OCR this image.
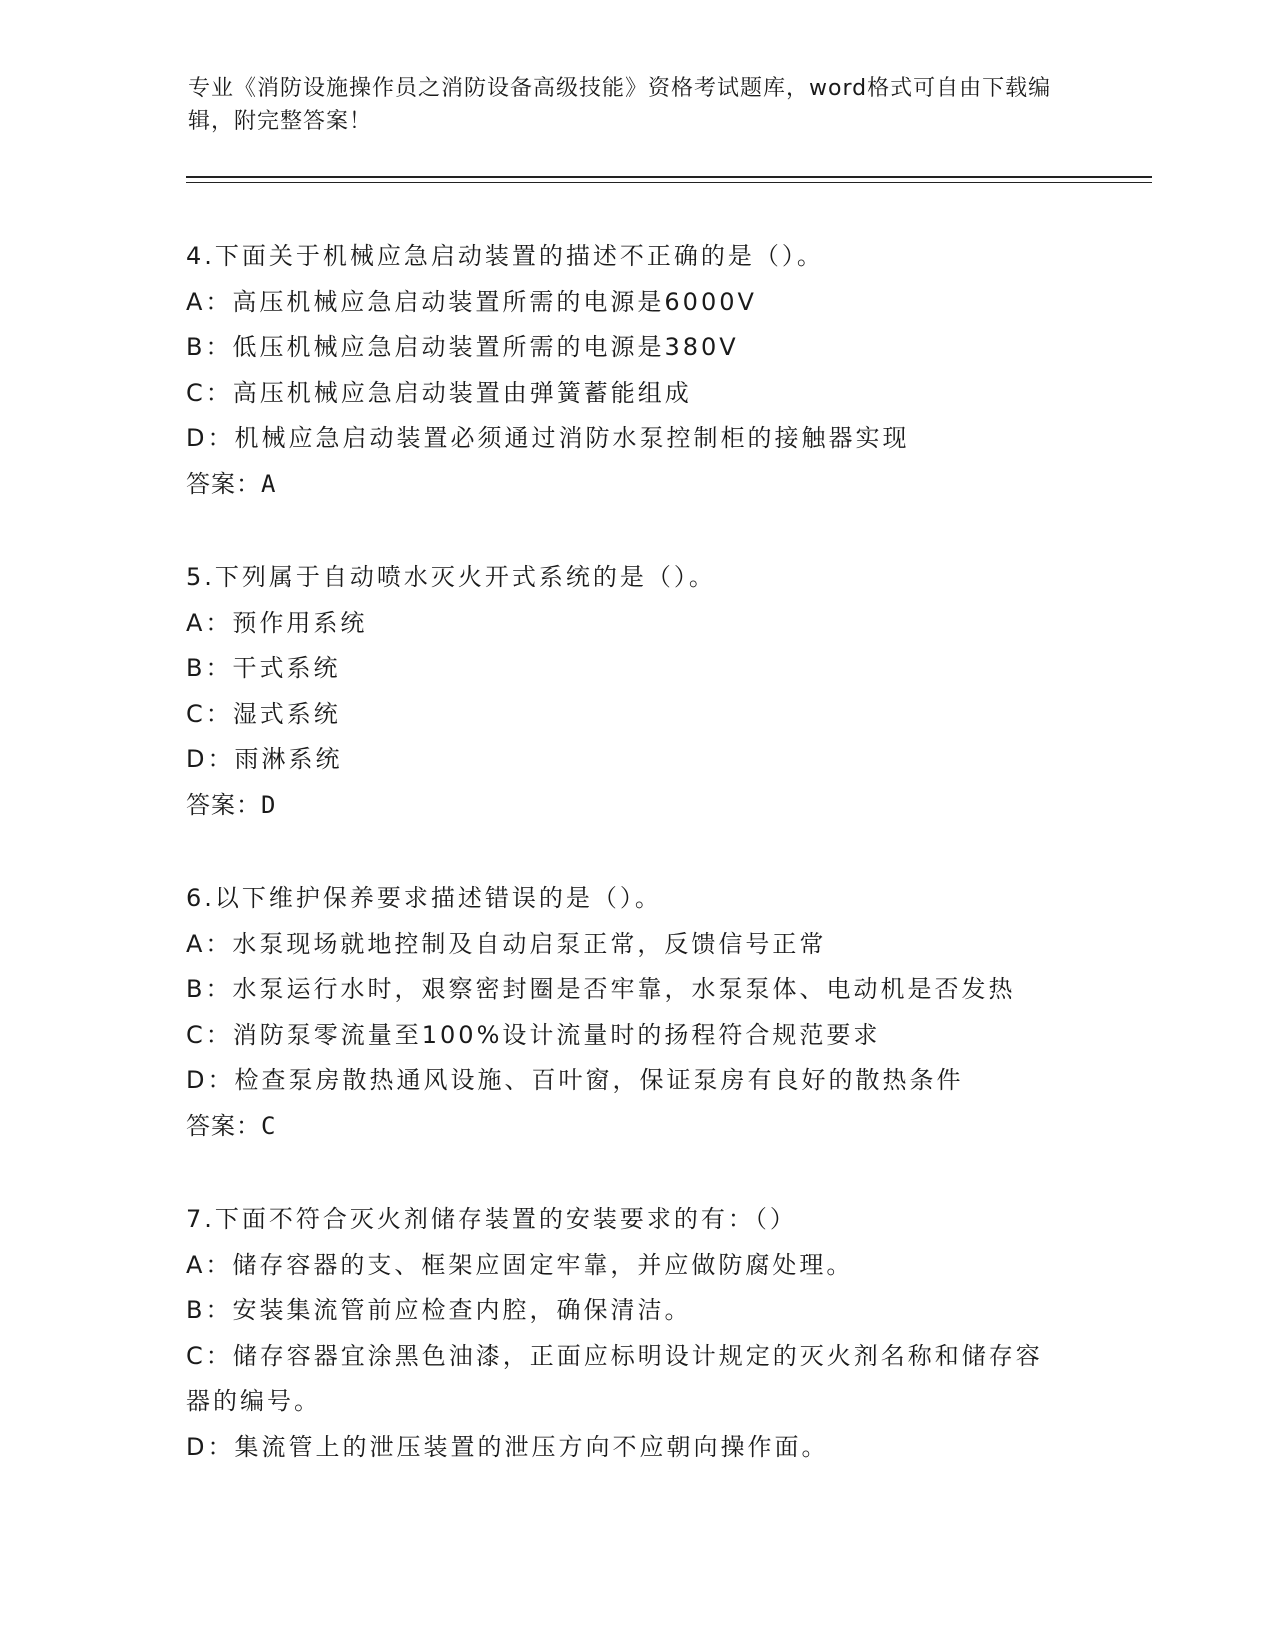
专业《消防设施操作员之消防设备高级技能》资格考试题库，word格式可自由下载编辑，附完整答案！
4.下面关于机械应急启动装置的描述不正确的是（）。
A：高压机械应急启动装置所需的电源是6000V
B：低压机械应急启动装置所需的电源是380V
C：高压机械应急启动装置由弹簧蓄能组成
D：机械应急启动装置必须通过消防水泵控制柜的接触器实现
答案：A
5.下列属于自动喷水灭火开式系统的是（）。
A：预作用系统
B：干式系统
C：湿式系统
D：雨淋系统
答案：D
6.以下维护保养要求描述错误的是（）。
A：水泵现场就地控制及自动启泵正常，反馈信号正常
B：水泵运行水时，艰察密封圈是否牢靠，水泵泵体、电动机是否发热
C：消防泵零流量至100%设计流量时的扬程符合规范要求
D：检查泵房散热通风设施、百叶窗，保证泵房有良好的散热条件
答案：C
7.下面不符合灭火剂储存装置的安装要求的有：（）
A：储存容器的支、框架应固定牢靠，并应做防腐处理。
B：安装集流管前应检查内腔，确保清洁。
C：储存容器宜涂黑色油漆，正面应标明设计规定的灭火剂名称和储存容器的编号。
D：集流管上的泄压装置的泄压方向不应朝向操作面。
